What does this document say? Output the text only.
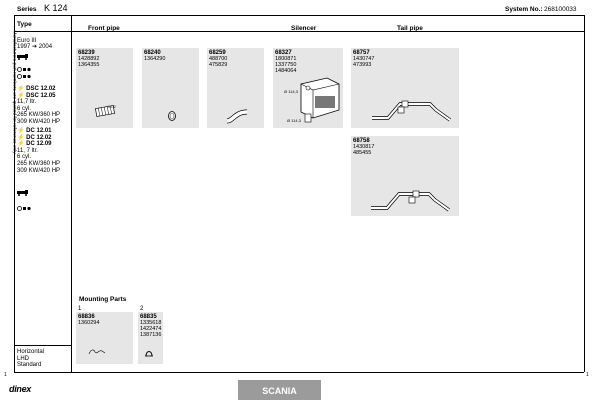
Series K 124	System No.: 268100033
Manufacturers part numbers are quoted for reference only
Type
Euro III
1997 ➔ 2004
⚡ DSC 12.02
⚡ DSC 12.05
11,7 ltr.
6 cyl.
265 KW/360 HP
309 KW/420 HP
⚡ DC 12.01
⚡ DC 12.02
⚡ DC 12.09
11, 7 ltr.
6 cyl.
265 KW/360 HP
309 KW/420 HP
Horizontal
LHD
Standard
Front pipe	Silencer	Tail pipe
68239
1428892
1364355
1 1/2
68240
1364290
68259
488700
475829
68327
1800871
1337750
1484064
Ø 114,3
Ø 114,3
68757
1430747
473993
68758
1430817
485455
Mounting Parts
1	2
68836
1360294
68835
1335618
1422474
1387136
1	1
dinex	SCANIA
